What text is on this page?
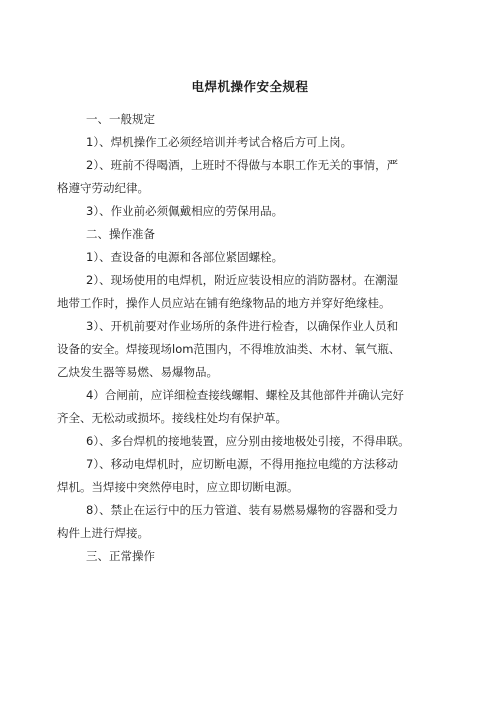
电焊机操作安全规程
一、一般规定
1）、焊机操作工必须经培训并考试合格后方可上岗。
2）、班前不得喝酒，上班时不得做与本职工作无关的事情，严
格遵守劳动纪律。
3）、作业前必须佩戴相应的劳保用品。
二、操作准备
1）、查设备的电源和各部位紧固螺栓。
2）、现场使用的电焊机，附近应装设相应的消防器材。在潮湿
地带工作时，操作人员应站在铺有绝缘物品的地方并穿好绝缘桂。
3）、开机前要对作业场所的条件进行检杳，以确保作业人员和
设备的安全。焊接现场lom范围内，不得堆放油类、木材、氧气瓶、
乙炔发生器等易燃、易爆物品。
4）合闸前，应详细检查接线螺帽、螺栓及其他部件并确认完好
齐全、无松动或损坏。接线柱处均有保护革。
6）、多台焊机的接地装置，应分别由接地极处引接，不得串联。
7）、移动电焊机时，应切断电源，不得用拖拉电缆的方法移动
焊机。当焊接中突然停电时，应立即切断电源。
8）、禁止在运行中的压力管道、装有易燃易爆物的容器和受力
构件上进行焊接。
三、正常操作
